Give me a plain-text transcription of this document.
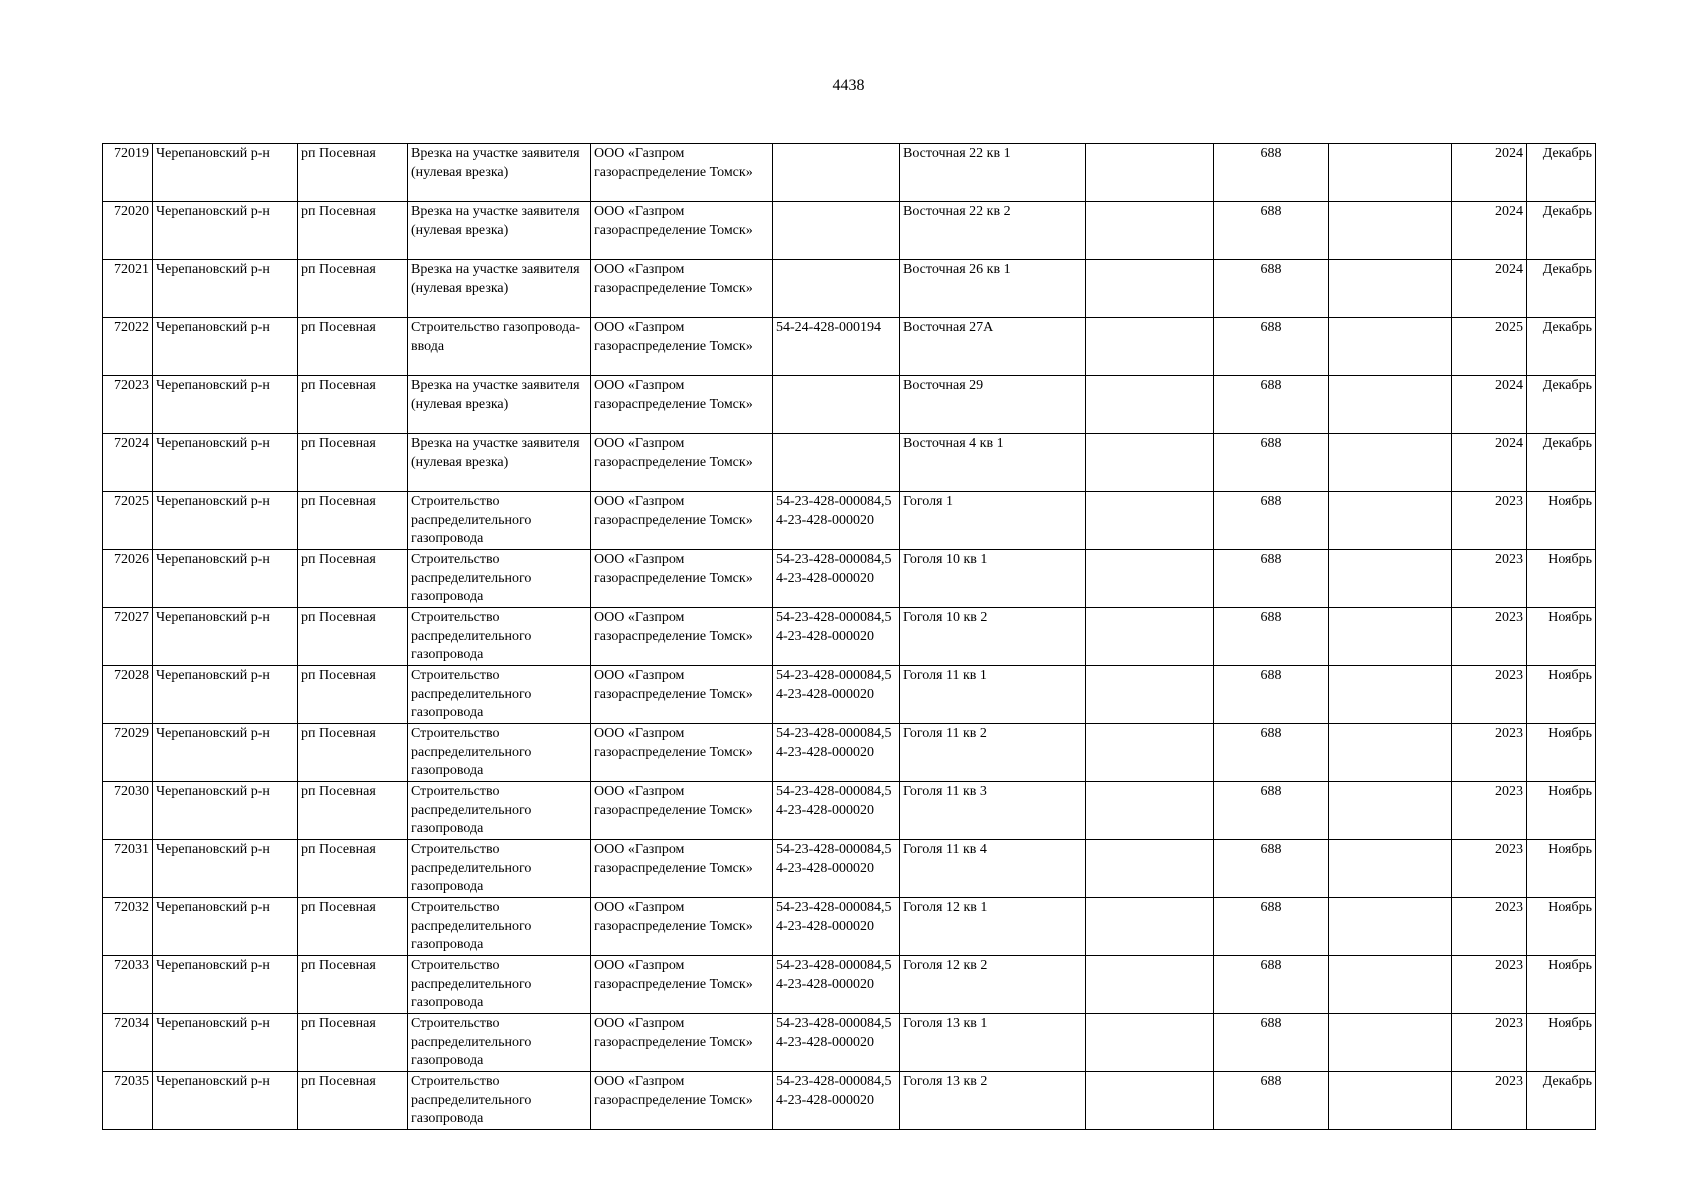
4438
72019	Черепановский р-н	рп Посевная	Врезка на участке заявителя (нулевая врезка)	ООО «Газпром газораспределение Томск»		Восточная 22 кв 1		688		2024	Декабрь
72020	Черепановский р-н	рп Посевная	Врезка на участке заявителя (нулевая врезка)	ООО «Газпром газораспределение Томск»		Восточная 22 кв 2		688		2024	Декабрь
72021	Черепановский р-н	рп Посевная	Врезка на участке заявителя (нулевая врезка)	ООО «Газпром газораспределение Томск»		Восточная 26 кв 1		688		2024	Декабрь
72022	Черепановский р-н	рп Посевная	Строительство газопровода-ввода	ООО «Газпром газораспределение Томск»	54-24-428-000194	Восточная 27А		688		2025	Декабрь
72023	Черепановский р-н	рп Посевная	Врезка на участке заявителя (нулевая врезка)	ООО «Газпром газораспределение Томск»		Восточная 29		688		2024	Декабрь
72024	Черепановский р-н	рп Посевная	Врезка на участке заявителя (нулевая врезка)	ООО «Газпром газораспределение Томск»		Восточная 4 кв 1		688		2024	Декабрь
72025	Черепановский р-н	рп Посевная	Строительство распределительного газопровода	ООО «Газпром газораспределение Томск»	54-23-428-000084,54-23-428-000020	Гоголя 1		688		2023	Ноябрь
72026	Черепановский р-н	рп Посевная	Строительство распределительного газопровода	ООО «Газпром газораспределение Томск»	54-23-428-000084,54-23-428-000020	Гоголя 10 кв 1		688		2023	Ноябрь
72027	Черепановский р-н	рп Посевная	Строительство распределительного газопровода	ООО «Газпром газораспределение Томск»	54-23-428-000084,54-23-428-000020	Гоголя 10 кв 2		688		2023	Ноябрь
72028	Черепановский р-н	рп Посевная	Строительство распределительного газопровода	ООО «Газпром газораспределение Томск»	54-23-428-000084,54-23-428-000020	Гоголя 11 кв 1		688		2023	Ноябрь
72029	Черепановский р-н	рп Посевная	Строительство распределительного газопровода	ООО «Газпром газораспределение Томск»	54-23-428-000084,54-23-428-000020	Гоголя 11 кв 2		688		2023	Ноябрь
72030	Черепановский р-н	рп Посевная	Строительство распределительного газопровода	ООО «Газпром газораспределение Томск»	54-23-428-000084,54-23-428-000020	Гоголя 11 кв 3		688		2023	Ноябрь
72031	Черепановский р-н	рп Посевная	Строительство распределительного газопровода	ООО «Газпром газораспределение Томск»	54-23-428-000084,54-23-428-000020	Гоголя 11 кв 4		688		2023	Ноябрь
72032	Черепановский р-н	рп Посевная	Строительство распределительного газопровода	ООО «Газпром газораспределение Томск»	54-23-428-000084,54-23-428-000020	Гоголя 12 кв 1		688		2023	Ноябрь
72033	Черепановский р-н	рп Посевная	Строительство распределительного газопровода	ООО «Газпром газораспределение Томск»	54-23-428-000084,54-23-428-000020	Гоголя 12 кв 2		688		2023	Ноябрь
72034	Черепановский р-н	рп Посевная	Строительство распределительного газопровода	ООО «Газпром газораспределение Томск»	54-23-428-000084,54-23-428-000020	Гоголя 13 кв 1		688		2023	Ноябрь
72035	Черепановский р-н	рп Посевная	Строительство распределительного газопровода	ООО «Газпром газораспределение Томск»	54-23-428-000084,54-23-428-000020	Гоголя 13 кв 2		688		2023	Декабрь
